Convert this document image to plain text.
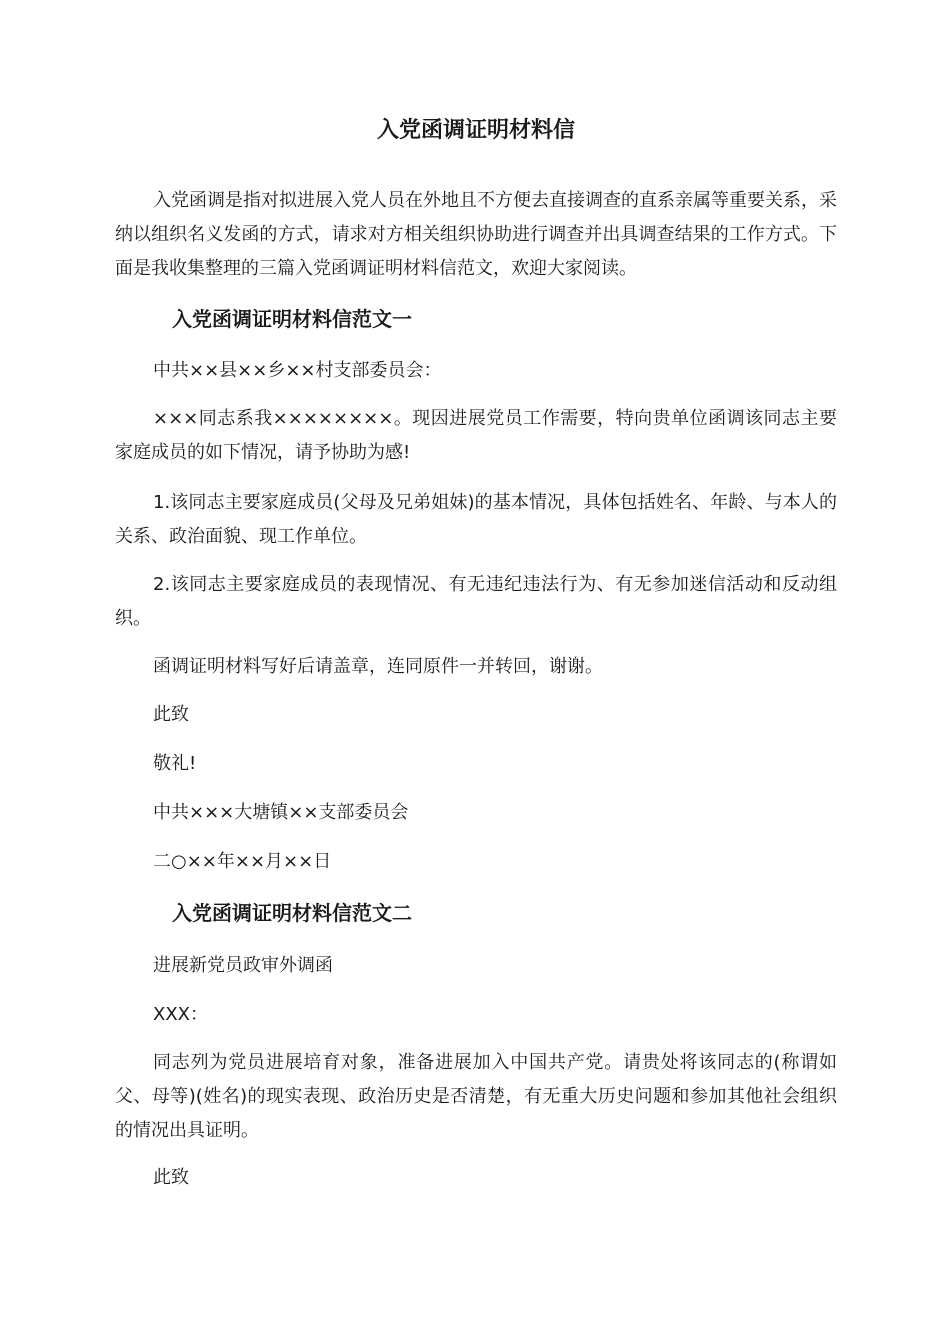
入党函调证明材料信

入党函调是指对拟进展入党人员在外地且不方便去直接调查的直系亲属等重要关系，采纳以组织名义发函的方式，请求对方相关组织协助进行调查并出具调查结果的工作方式。下面是我收集整理的三篇入党函调证明材料信范文，欢迎大家阅读。

入党函调证明材料信范文一

中共××县××乡××村支部委员会：

×××同志系我××××××××。现因进展党员工作需要，特向贵单位函调该同志主要家庭成员的如下情况，请予协助为感!

1.该同志主要家庭成员(父母及兄弟姐妹)的基本情况，具体包括姓名、年龄、与本人的关系、政治面貌、现工作单位。

2.该同志主要家庭成员的表现情况、有无违纪违法行为、有无参加迷信活动和反动组织。

函调证明材料写好后请盖章，连同原件一并转回，谢谢。

此致

敬礼!

中共×××大塘镇××支部委员会

二○××年××月××日

入党函调证明材料信范文二

进展新党员政审外调函

XXX：

同志列为党员进展培育对象，准备进展加入中国共产党。请贵处将该同志的(称谓如父、母等)(姓名)的现实表现、政治历史是否清楚，有无重大历史问题和参加其他社会组织的情况出具证明。

此致
